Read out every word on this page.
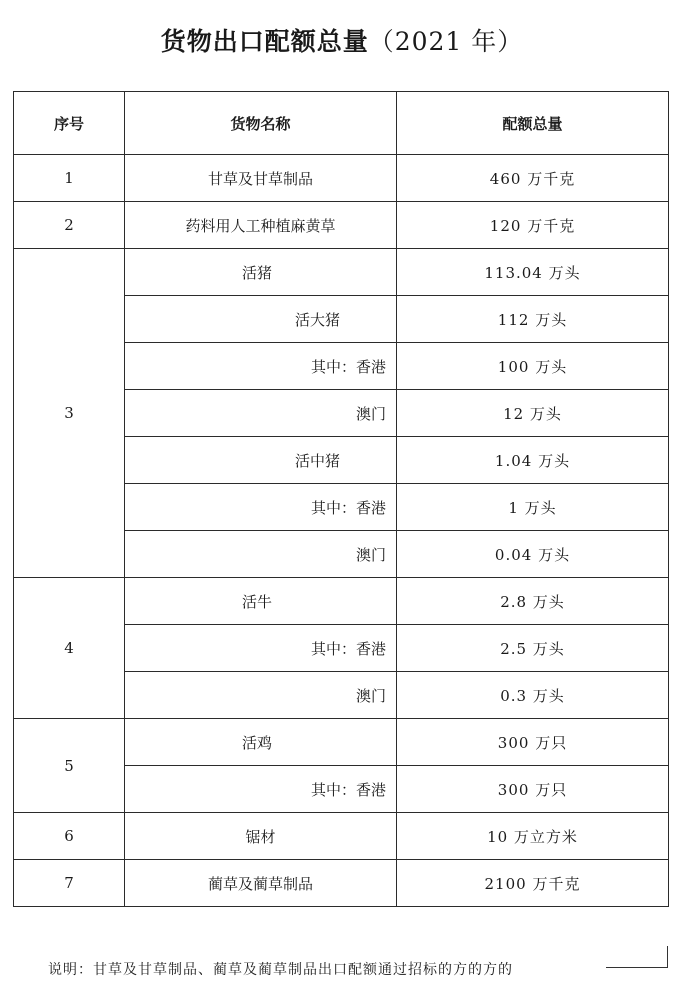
货物出口配额总量（2021 年）
序号	货物名称	配额总量
1	甘草及甘草制品	460 万千克
2	药料用人工种植麻黄草	120 万千克
3	活猪	113.04 万头
	活大猪	112 万头
	其中：香港	100 万头
	澳门	12 万头
	活中猪	1.04 万头
	其中：香港	1 万头
	澳门	0.04 万头
4	活牛	2.8 万头
	其中：香港	2.5 万头
	澳门	0.3 万头
5	活鸡	300 万只
	其中：香港	300 万只
6	锯材	10 万立方米
7	蔺草及蔺草制品	2100 万千克
说明：甘草及甘草制品、蔺草及蔺草制品出口配额通过招标的方的方的
